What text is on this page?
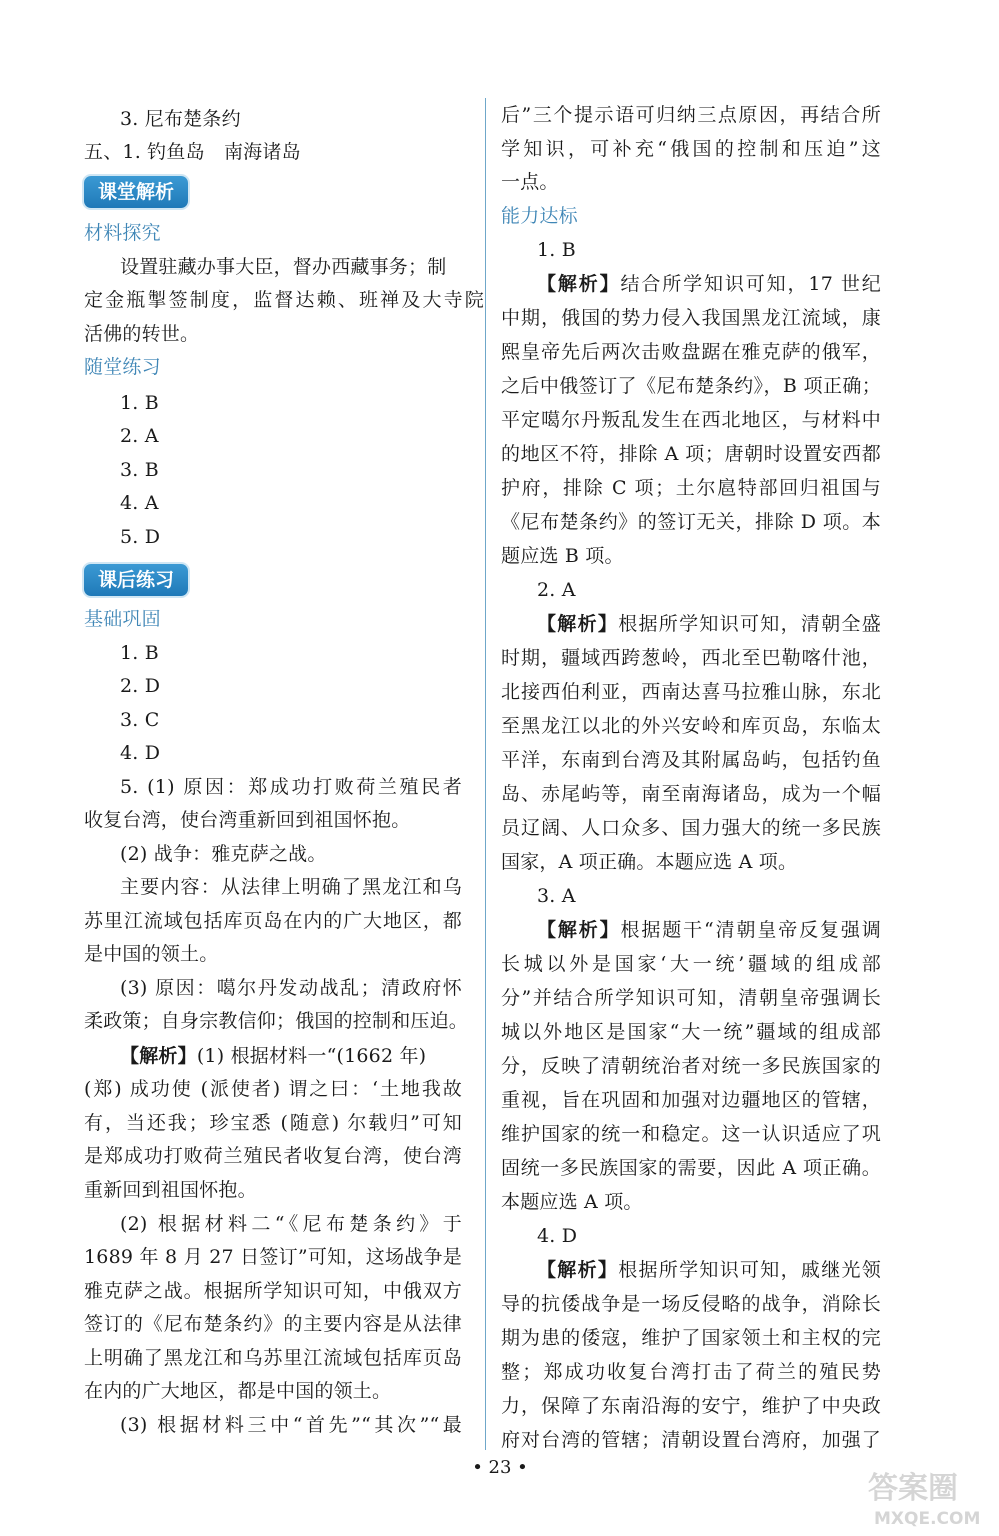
3. 尼布楚条约
五、1. 钓鱼岛　南海诸岛
课堂解析
材料探究
设置驻藏办事大臣，督办西藏事务；制
定金瓶掣签制度，监督达赖、班禅及大寺院
活佛的转世。
随堂练习
1. B
2. A
3. B
4. A
5. D
课后练习
基础巩固
1. B
2. D
3. C
4. D
5. (1) 原因：郑成功打败荷兰殖民者
收复台湾，使台湾重新回到祖国怀抱。
(2) 战争：雅克萨之战。
主要内容：从法律上明确了黑龙江和乌
苏里江流域包括库页岛在内的广大地区，都
是中国的领土。
(3) 原因：噶尔丹发动战乱；清政府怀
柔政策；自身宗教信仰；俄国的控制和压迫。
【解析】(1) 根据材料一“(1662 年)
(郑) 成功使 (派使者) 谓之曰：‘土地我故
有，当还我；珍宝悉 (随意) 尔载归”可知
是郑成功打败荷兰殖民者收复台湾，使台湾
重新回到祖国怀抱。
(2) 根据材料二“《尼布楚条约》于
1689 年 8 月 27 日签订”可知，这场战争是
雅克萨之战。根据所学知识可知，中俄双方
签订的《尼布楚条约》的主要内容是从法律
上明确了黑龙江和乌苏里江流域包括库页岛
在内的广大地区，都是中国的领土。
(3) 根据材料三中“首先”“其次”“最
后”三个提示语可归纳三点原因，再结合所
学知识，可补充“俄国的控制和压迫”这
一点。
能力达标
1. B
【解析】结合所学知识可知，17 世纪
中期，俄国的势力侵入我国黑龙江流域，康
熙皇帝先后两次击败盘踞在雅克萨的俄军，
之后中俄签订了《尼布楚条约》，B 项正确；
平定噶尔丹叛乱发生在西北地区，与材料中
的地区不符，排除 A 项；唐朝时设置安西都
护府，排除 C 项；土尔扈特部回归祖国与
《尼布楚条约》的签订无关，排除 D 项。本
题应选 B 项。
2. A
【解析】根据所学知识可知，清朝全盛
时期，疆域西跨葱岭，西北至巴勒喀什池，
北接西伯利亚，西南达喜马拉雅山脉，东北
至黑龙江以北的外兴安岭和库页岛，东临太
平洋，东南到台湾及其附属岛屿，包括钓鱼
岛、赤尾屿等，南至南海诸岛，成为一个幅
员辽阔、人口众多、国力强大的统一多民族
国家，A 项正确。本题应选 A 项。
3. A
【解析】根据题干“清朝皇帝反复强调
长城以外是国家‘大一统’疆域的组成部
分”并结合所学知识可知，清朝皇帝强调长
城以外地区是国家“大一统”疆域的组成部
分，反映了清朝统治者对统一多民族国家的
重视，旨在巩固和加强对边疆地区的管辖，
维护国家的统一和稳定。这一认识适应了巩
固统一多民族国家的需要，因此 A 项正确。
本题应选 A 项。
4. D
【解析】根据所学知识可知，戚继光领
导的抗倭战争是一场反侵略的战争，消除长
期为患的倭寇，维护了国家领土和主权的完
整；郑成功收复台湾打击了荷兰的殖民势
力，保障了东南沿海的安宁，维护了中央政
府对台湾的管辖；清朝设置台湾府，加强了
• 23 •
答案圈
MXQE.COM
